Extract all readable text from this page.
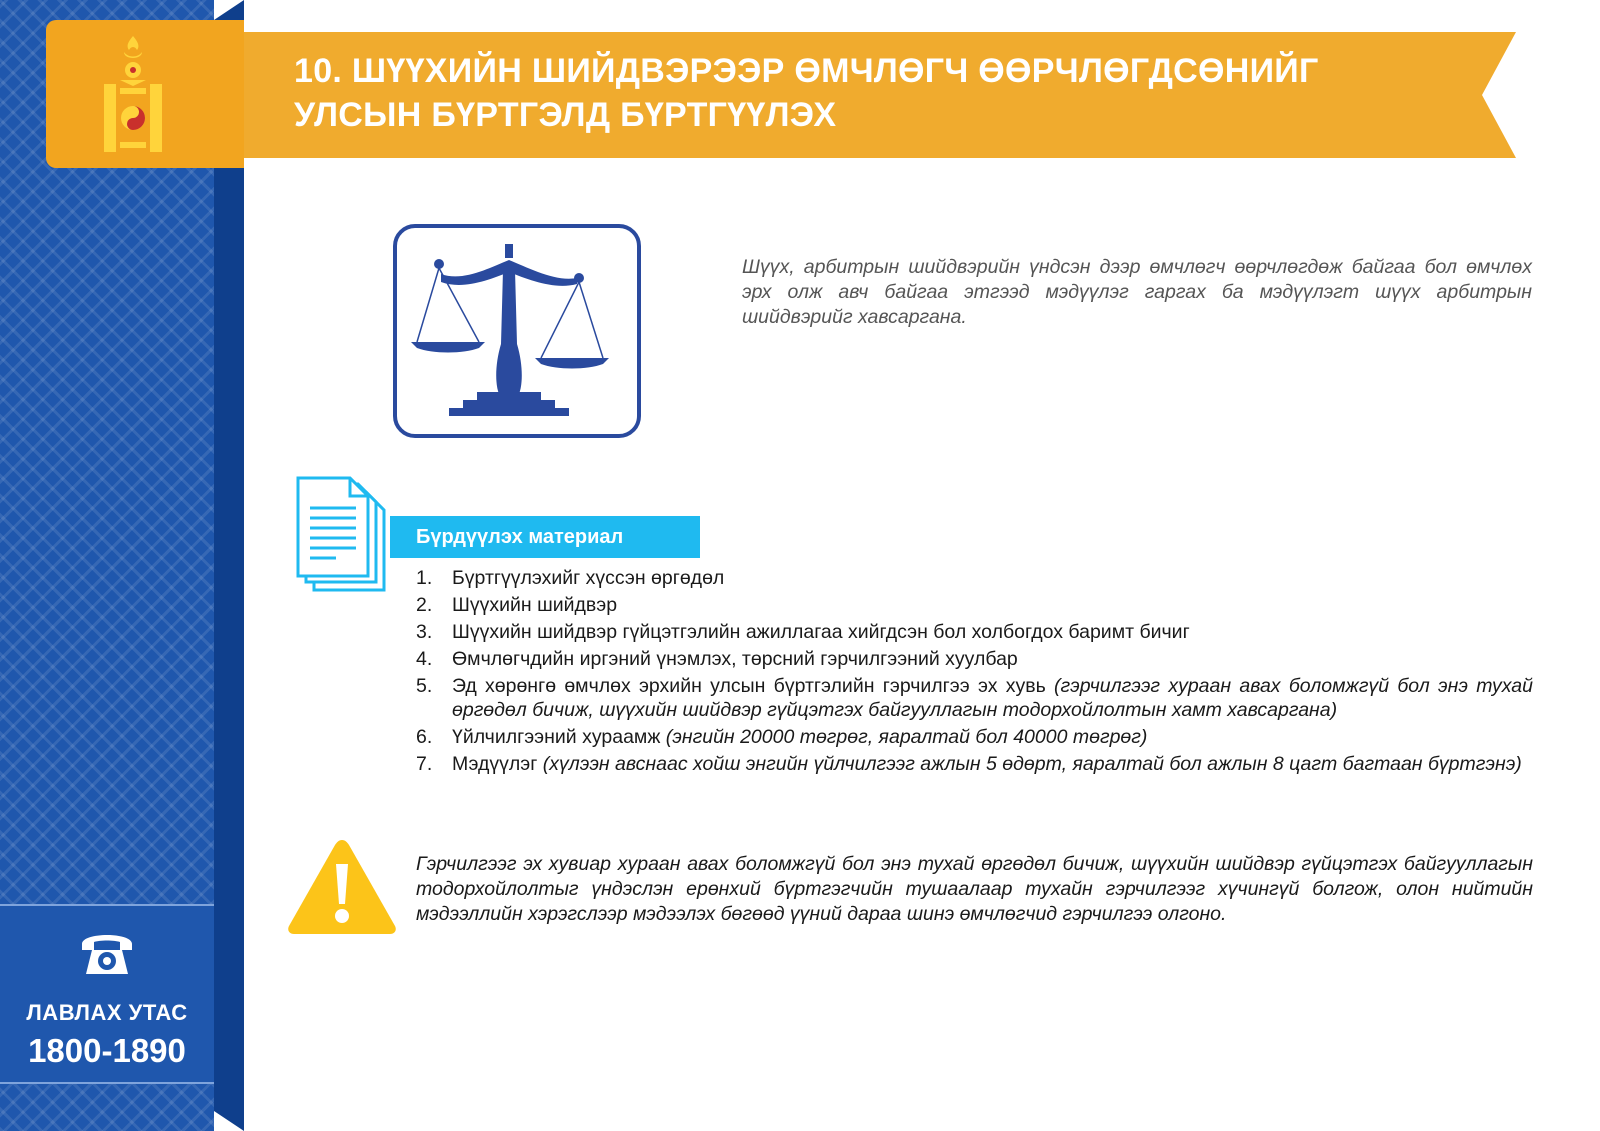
ЛАВЛАХ УТАС
1800-1890
10. ШҮҮХИЙН ШИЙДВЭРЭЭР ӨМЧЛӨГЧ ӨӨРЧЛӨГДСӨНИЙГ
УЛСЫН БҮРТГЭЛД БҮРТГҮҮЛЭХ

Шүүх, арбитрын шийдвэрийн үндсэн дээр өмчлөгч өөрчлөгдөж байгаа бол өмчлөх эрх олж авч байгаа этгээд мэдүүлэг гаргах ба мэдүүлэгт шүүх арбитрын шийдвэрийг хавсаргана.

Бүрдүүлэх материал
1. Бүртгүүлэхийг хүссэн өргөдөл
2. Шүүхийн шийдвэр
3. Шүүхийн шийдвэр гүйцэтгэлийн ажиллагаа хийгдсэн бол холбогдох баримт бичиг
4. Өмчлөгчдийн иргэний үнэмлэх, төрсний гэрчилгээний хуулбар
5. Эд хөрөнгө өмчлөх эрхийн улсын бүртгэлийн гэрчилгээ эх хувь (гэрчилгээг хураан авах боломжгүй бол энэ тухай өргөдөл бичиж, шүүхийн шийдвэр гүйцэтгэх байгууллагын тодорхойлолтын хамт хавсаргана)
6. Үйлчилгээний хураамж (энгийн 20000 төгрөг, яаралтай бол 40000 төгрөг)
7. Мэдүүлэг (хүлээн авснаас хойш энгийн үйлчилгээг ажлын 5 өдөрт, яаралтай бол ажлын 8 цагт багтаан бүртгэнэ)

Гэрчилгээг эх хувиар хураан авах боломжгүй бол энэ тухай өргөдөл бичиж, шүүхийн шийдвэр гүйцэтгэх байгууллагын тодорхойлолтыг үндэслэн ерөнхий бүртгэгчийн тушаалаар тухайн гэрчилгээг хүчингүй болгож, олон нийтийн мэдээллийн хэрэгслээр мэдээлэх бөгөөд үүний дараа шинэ өмчлөгчид гэрчилгээ олгоно.
